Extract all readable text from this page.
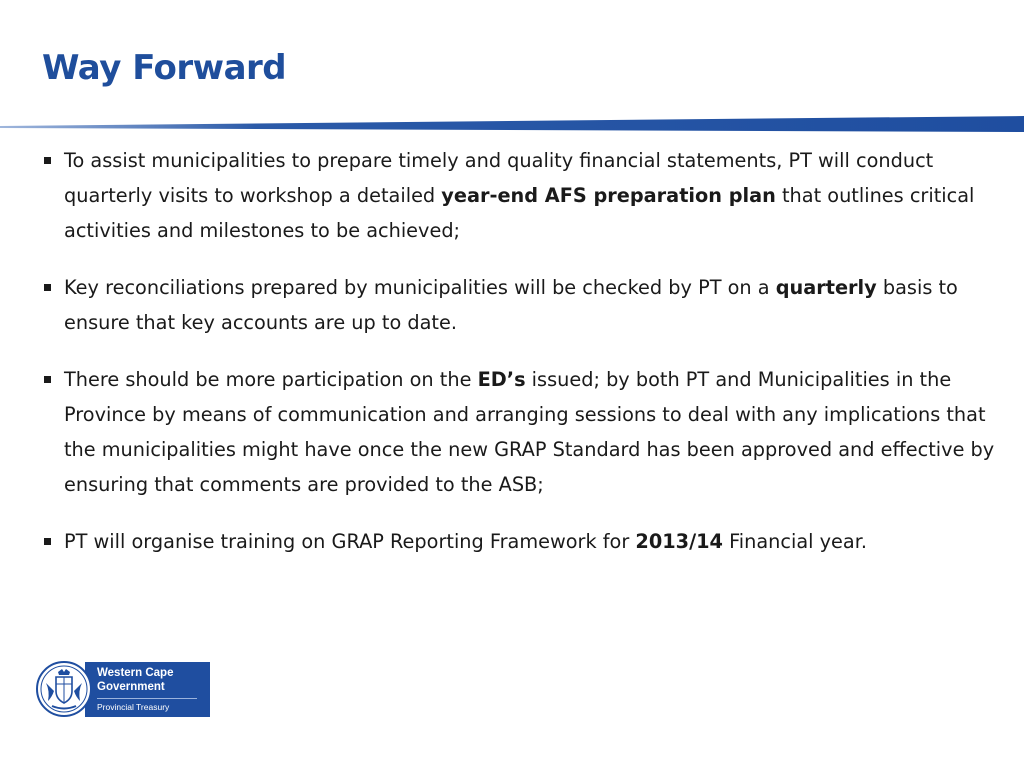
Way Forward
To assist municipalities to prepare timely and quality financial statements, PT will conduct quarterly visits to workshop a detailed year-end AFS preparation plan that outlines critical activities and milestones to be achieved;
Key reconciliations prepared by municipalities will be checked by PT on a quarterly basis to ensure that key accounts are up to date.
There should be more participation on the ED’s issued; by both PT and Municipalities in the Province by means of communication and arranging sessions to deal with any implications that the municipalities might have once the new GRAP Standard has been approved and effective by ensuring that comments are provided to the ASB;
PT will organise training on GRAP Reporting Framework for 2013/14 Financial year.
Western Cape
Government
Provincial Treasury
